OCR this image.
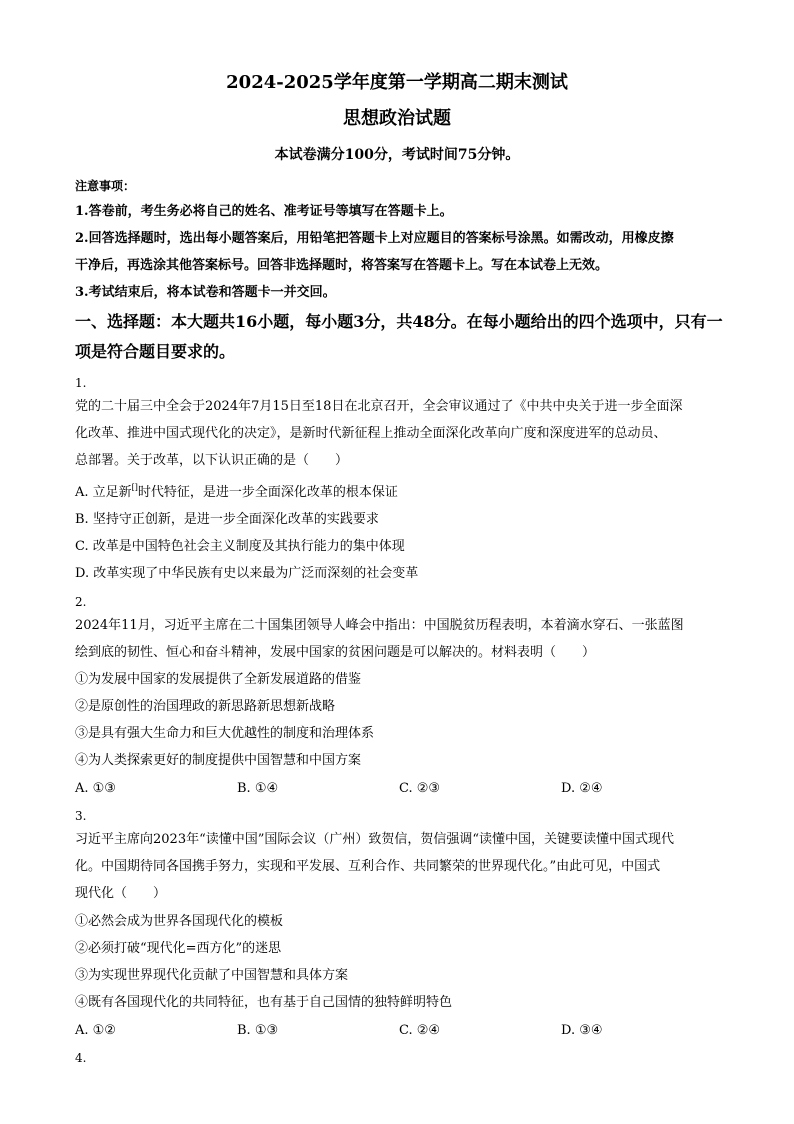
2024-2025学年度第一学期高二期末测试
思想政治试题
本试卷满分100分，考试时间75分钟。
注意事项：
1.答卷前，考生务必将自己的姓名、准考证号等填写在答题卡上。
2.回答选择题时，选出每小题答案后，用铅笔把答题卡上对应题目的答案标号涂黑。如需改动，用橡皮擦
干净后，再选涂其他答案标号。回答非选择题时，将答案写在答题卡上。写在本试卷上无效。
3.考试结束后，将本试卷和答题卡一并交回。
一、选择题：本大题共16小题，每小题3分，共48分。在每小题给出的四个选项中，只有一
项是符合题目要求的。
1.
党的二十届三中全会于2024年7月15日至18日在北京召开，全会审议通过了《中共中央关于进一步全面深
化改革、推进中国式现代化的决定》，是新时代新征程上推动全面深化改革向广度和深度进军的总动员、
总部署。关于改革，以下认识正确的是（　　）
A. 立足新[]时代特征，是进一步全面深化改革的根本保证
B. 坚持守正创新，是进一步全面深化改革的实践要求
C. 改革是中国特色社会主义制度及其执行能力的集中体现
D. 改革实现了中华民族有史以来最为广泛而深刻的社会变革
2.
2024年11月，习近平主席在二十国集团领导人峰会中指出：中国脱贫历程表明，本着滴水穿石、一张蓝图
绘到底的韧性、恒心和奋斗精神，发展中国家的贫困问题是可以解决的。材料表明（　　）
①为发展中国家的发展提供了全新发展道路的借鉴
②是原创性的治国理政的新思路新思想新战略
③是具有强大生命力和巨大优越性的制度和治理体系
④为人类探索更好的制度提供中国智慧和中国方案
A. ①③	B. ①④	C. ②③	D. ②④
3.
习近平主席向2023年“读懂中国”国际会议（广州）致贺信，贺信强调“读懂中国，关键要读懂中国式现代
化。中国期待同各国携手努力，实现和平发展、互利合作、共同繁荣的世界现代化。”由此可见，中国式
现代化（　　）
①必然会成为世界各国现代化的模板
②必须打破“现代化=西方化”的迷思
③为实现世界现代化贡献了中国智慧和具体方案
④既有各国现代化的共同特征，也有基于自己国情的独特鲜明特色
A. ①②	B. ①③	C. ②④	D. ③④
4.
